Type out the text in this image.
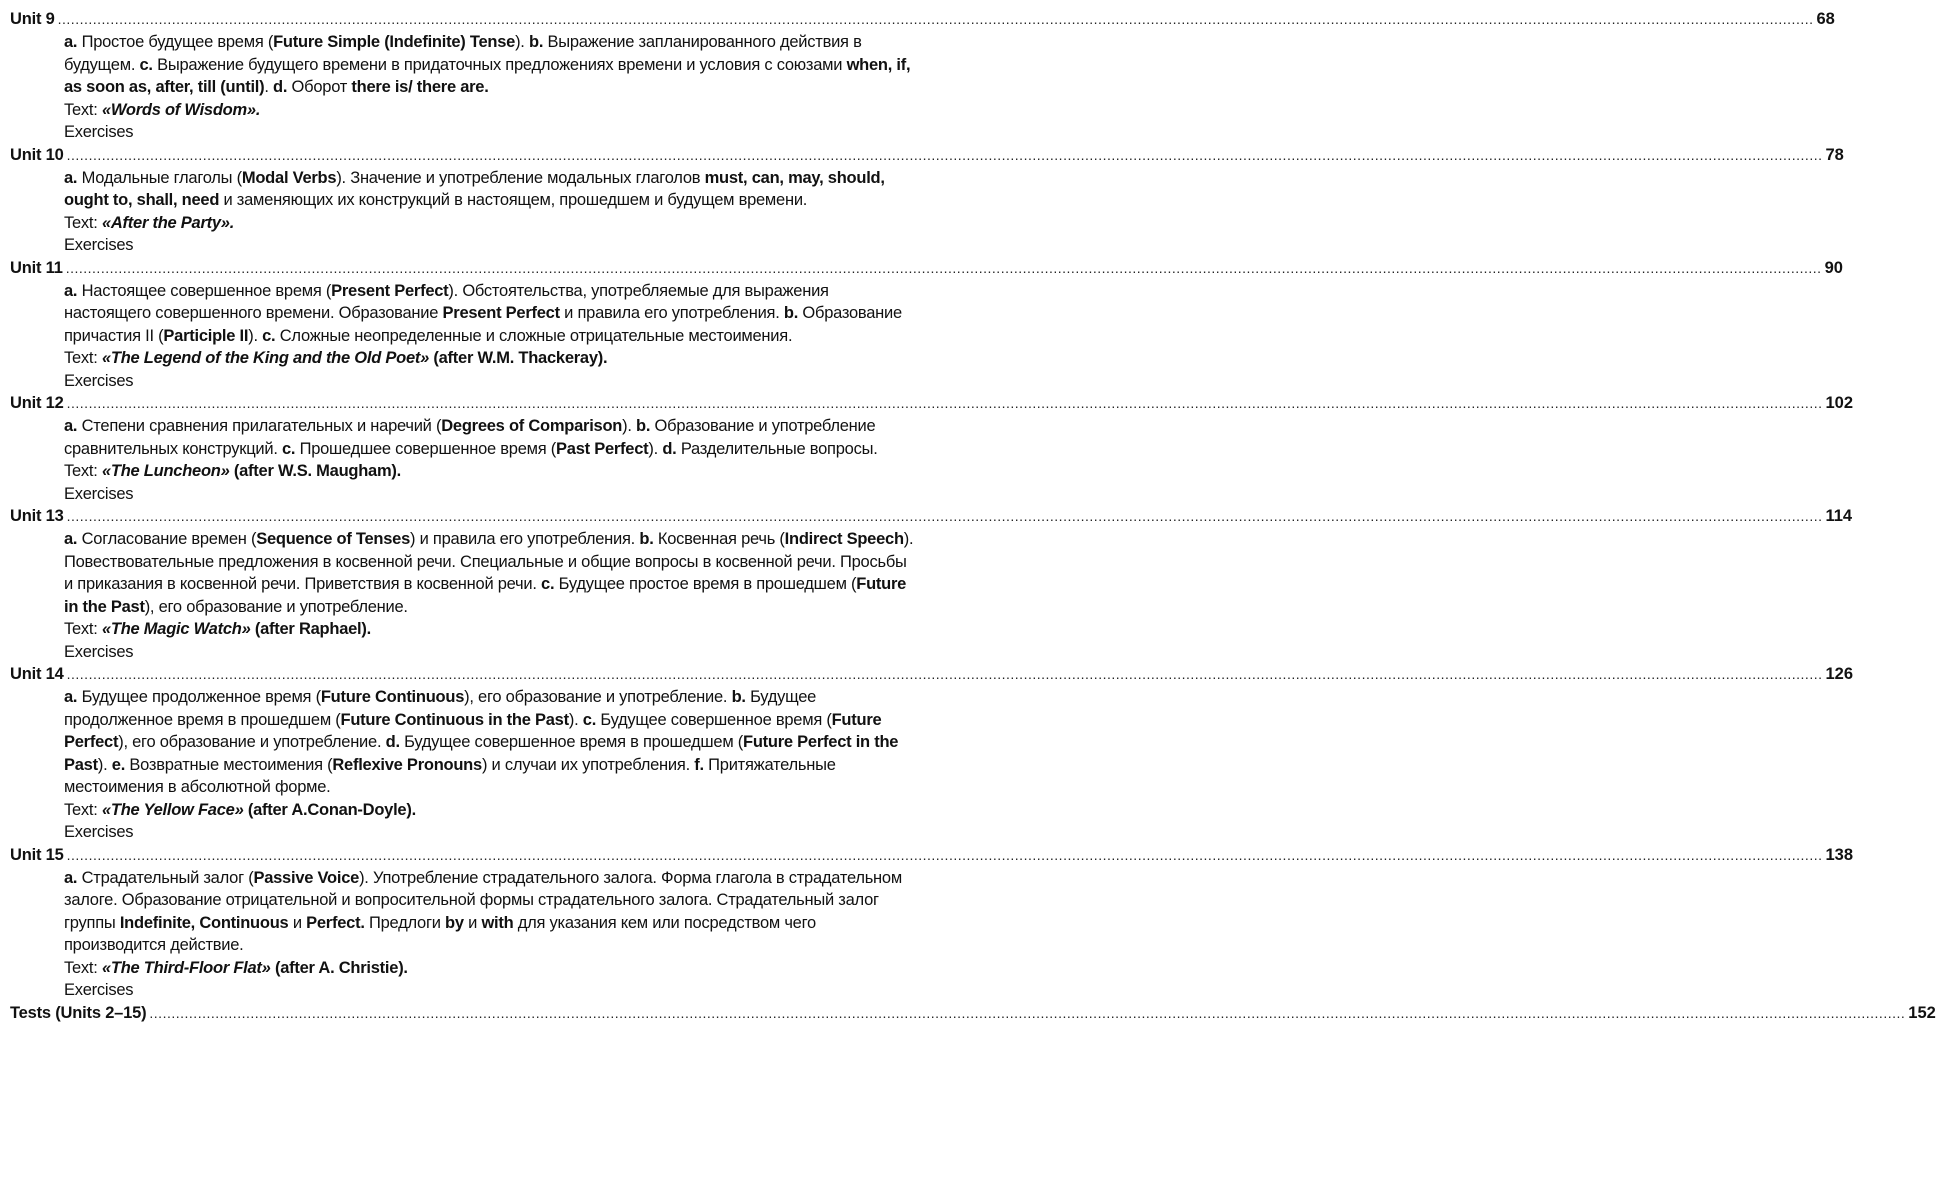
Unit 9 ................................................................................................................................................................................................................................................................................................................................................................................................................ 68

a. Простое будущее время (Future Simple (Indefinite) Tense). b. Выражение запланированного действия в будущем. c. Выражение будущего времени в придаточных предложениях времени и условия с союзами when, if, as soon as, after, till (until). d. Оборот there is/ there are.

Text: «Words of Wisdom».

Exercises

Unit 10 ................................................................................................................................................................................................................................................................................................................................................................................................................ 78

a. Модальные глаголы (Modal Verbs). Значение и употребление модальных глаголов must, can, may, should, ought to, shall, need и заменяющих их конструкций в настоящем, прошедшем и будущем времени.

Text: «After the Party».

Exercises

Unit 11 ................................................................................................................................................................................................................................................................................................................................................................................................................ 90

a. Настоящее совершенное время (Present Perfect). Обстоятельства, употребляемые для выражения настоящего совершенного времени. Образование Present Perfect и правила его употребления. b. Образование причастия II (Participle II). c. Сложные неопределенные и сложные отрицательные местоимения.

Text: «The Legend of the King and the Old Poet» (after W.M. Thackeray).

Exercises

Unit 12 ................................................................................................................................................................................................................................................................................................................................................................................................................ 102

a. Степени сравнения прилагательных и наречий (Degrees of Comparison). b. Образование и употребление сравнительных конструкций. c. Прошедшее совершенное время (Past Perfect). d. Разделительные вопросы.

Text: «The Luncheon» (after W.S. Maugham).

Exercises

Unit 13 ................................................................................................................................................................................................................................................................................................................................................................................................................ 114

a. Согласование времен (Sequence of Tenses) и правила его употребления. b. Косвенная речь (Indirect Speech). Повествовательные предложения в косвенной речи. Специальные и общие вопросы в косвенной речи. Просьбы и приказания в косвенной речи. Приветствия в косвенной речи. c. Будущее простое время в прошедшем (Future in the Past), его образование и употребление.

Text: «The Magic Watch» (after Raphael).

Exercises

Unit 14 ................................................................................................................................................................................................................................................................................................................................................................................................................ 126

a. Будущее продолженное время (Future Continuous), его образование и употребление. b. Будущее продолженное время в прошедшем (Future Continuous in the Past). c. Будущее совершенное время (Future Perfect), его образование и употребление. d. Будущее совершенное время в прошедшем (Future Perfect in the Past). e. Возвратные местоимения (Reflexive Pronouns) и случаи их употребления. f. Притяжательные местоимения в абсолютной форме.

Text: «The Yellow Face» (after A.Conan-Doyle).

Exercises

Unit 15 ................................................................................................................................................................................................................................................................................................................................................................................................................ 138

a. Страдательный залог (Passive Voice). Употребление страдательного залога. Форма глагола в страдательном залоге. Образование отрицательной и вопросительной формы страдательного залога. Страдательный залог группы Indefinite, Continuous и Perfect. Предлоги by и with для указания кем или посредством чего производится действие.

Text: «The Third-Floor Flat» (after A. Christie).

Exercises

Tests (Units 2–15) ................................................................................................................................................................................................................................................................................................................................................................................................................ 152
